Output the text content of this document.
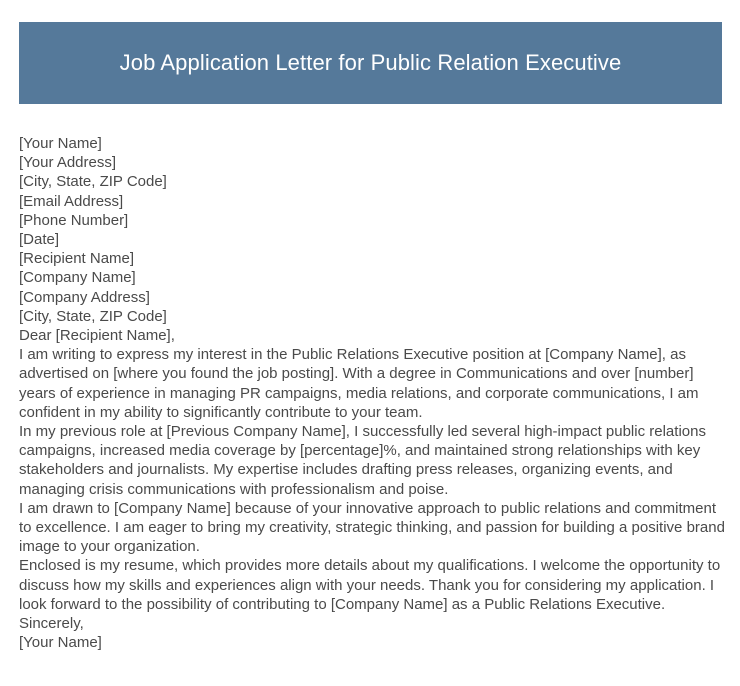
Job Application Letter for Public Relation Executive
[Your Name]
[Your Address]
[City, State, ZIP Code]
[Email Address]
[Phone Number]
[Date]
[Recipient Name]
[Company Name]
[Company Address]
[City, State, ZIP Code]
Dear [Recipient Name],
I am writing to express my interest in the Public Relations Executive position at [Company Name], as advertised on [where you found the job posting]. With a degree in Communications and over [number] years of experience in managing PR campaigns, media relations, and corporate communications, I am confident in my ability to significantly contribute to your team.
In my previous role at [Previous Company Name], I successfully led several high-impact public relations campaigns, increased media coverage by [percentage]%, and maintained strong relationships with key stakeholders and journalists. My expertise includes drafting press releases, organizing events, and managing crisis communications with professionalism and poise.
I am drawn to [Company Name] because of your innovative approach to public relations and commitment to excellence. I am eager to bring my creativity, strategic thinking, and passion for building a positive brand image to your organization.
Enclosed is my resume, which provides more details about my qualifications. I welcome the opportunity to discuss how my skills and experiences align with your needs. Thank you for considering my application. I look forward to the possibility of contributing to [Company Name] as a Public Relations Executive.
Sincerely,
[Your Name]
